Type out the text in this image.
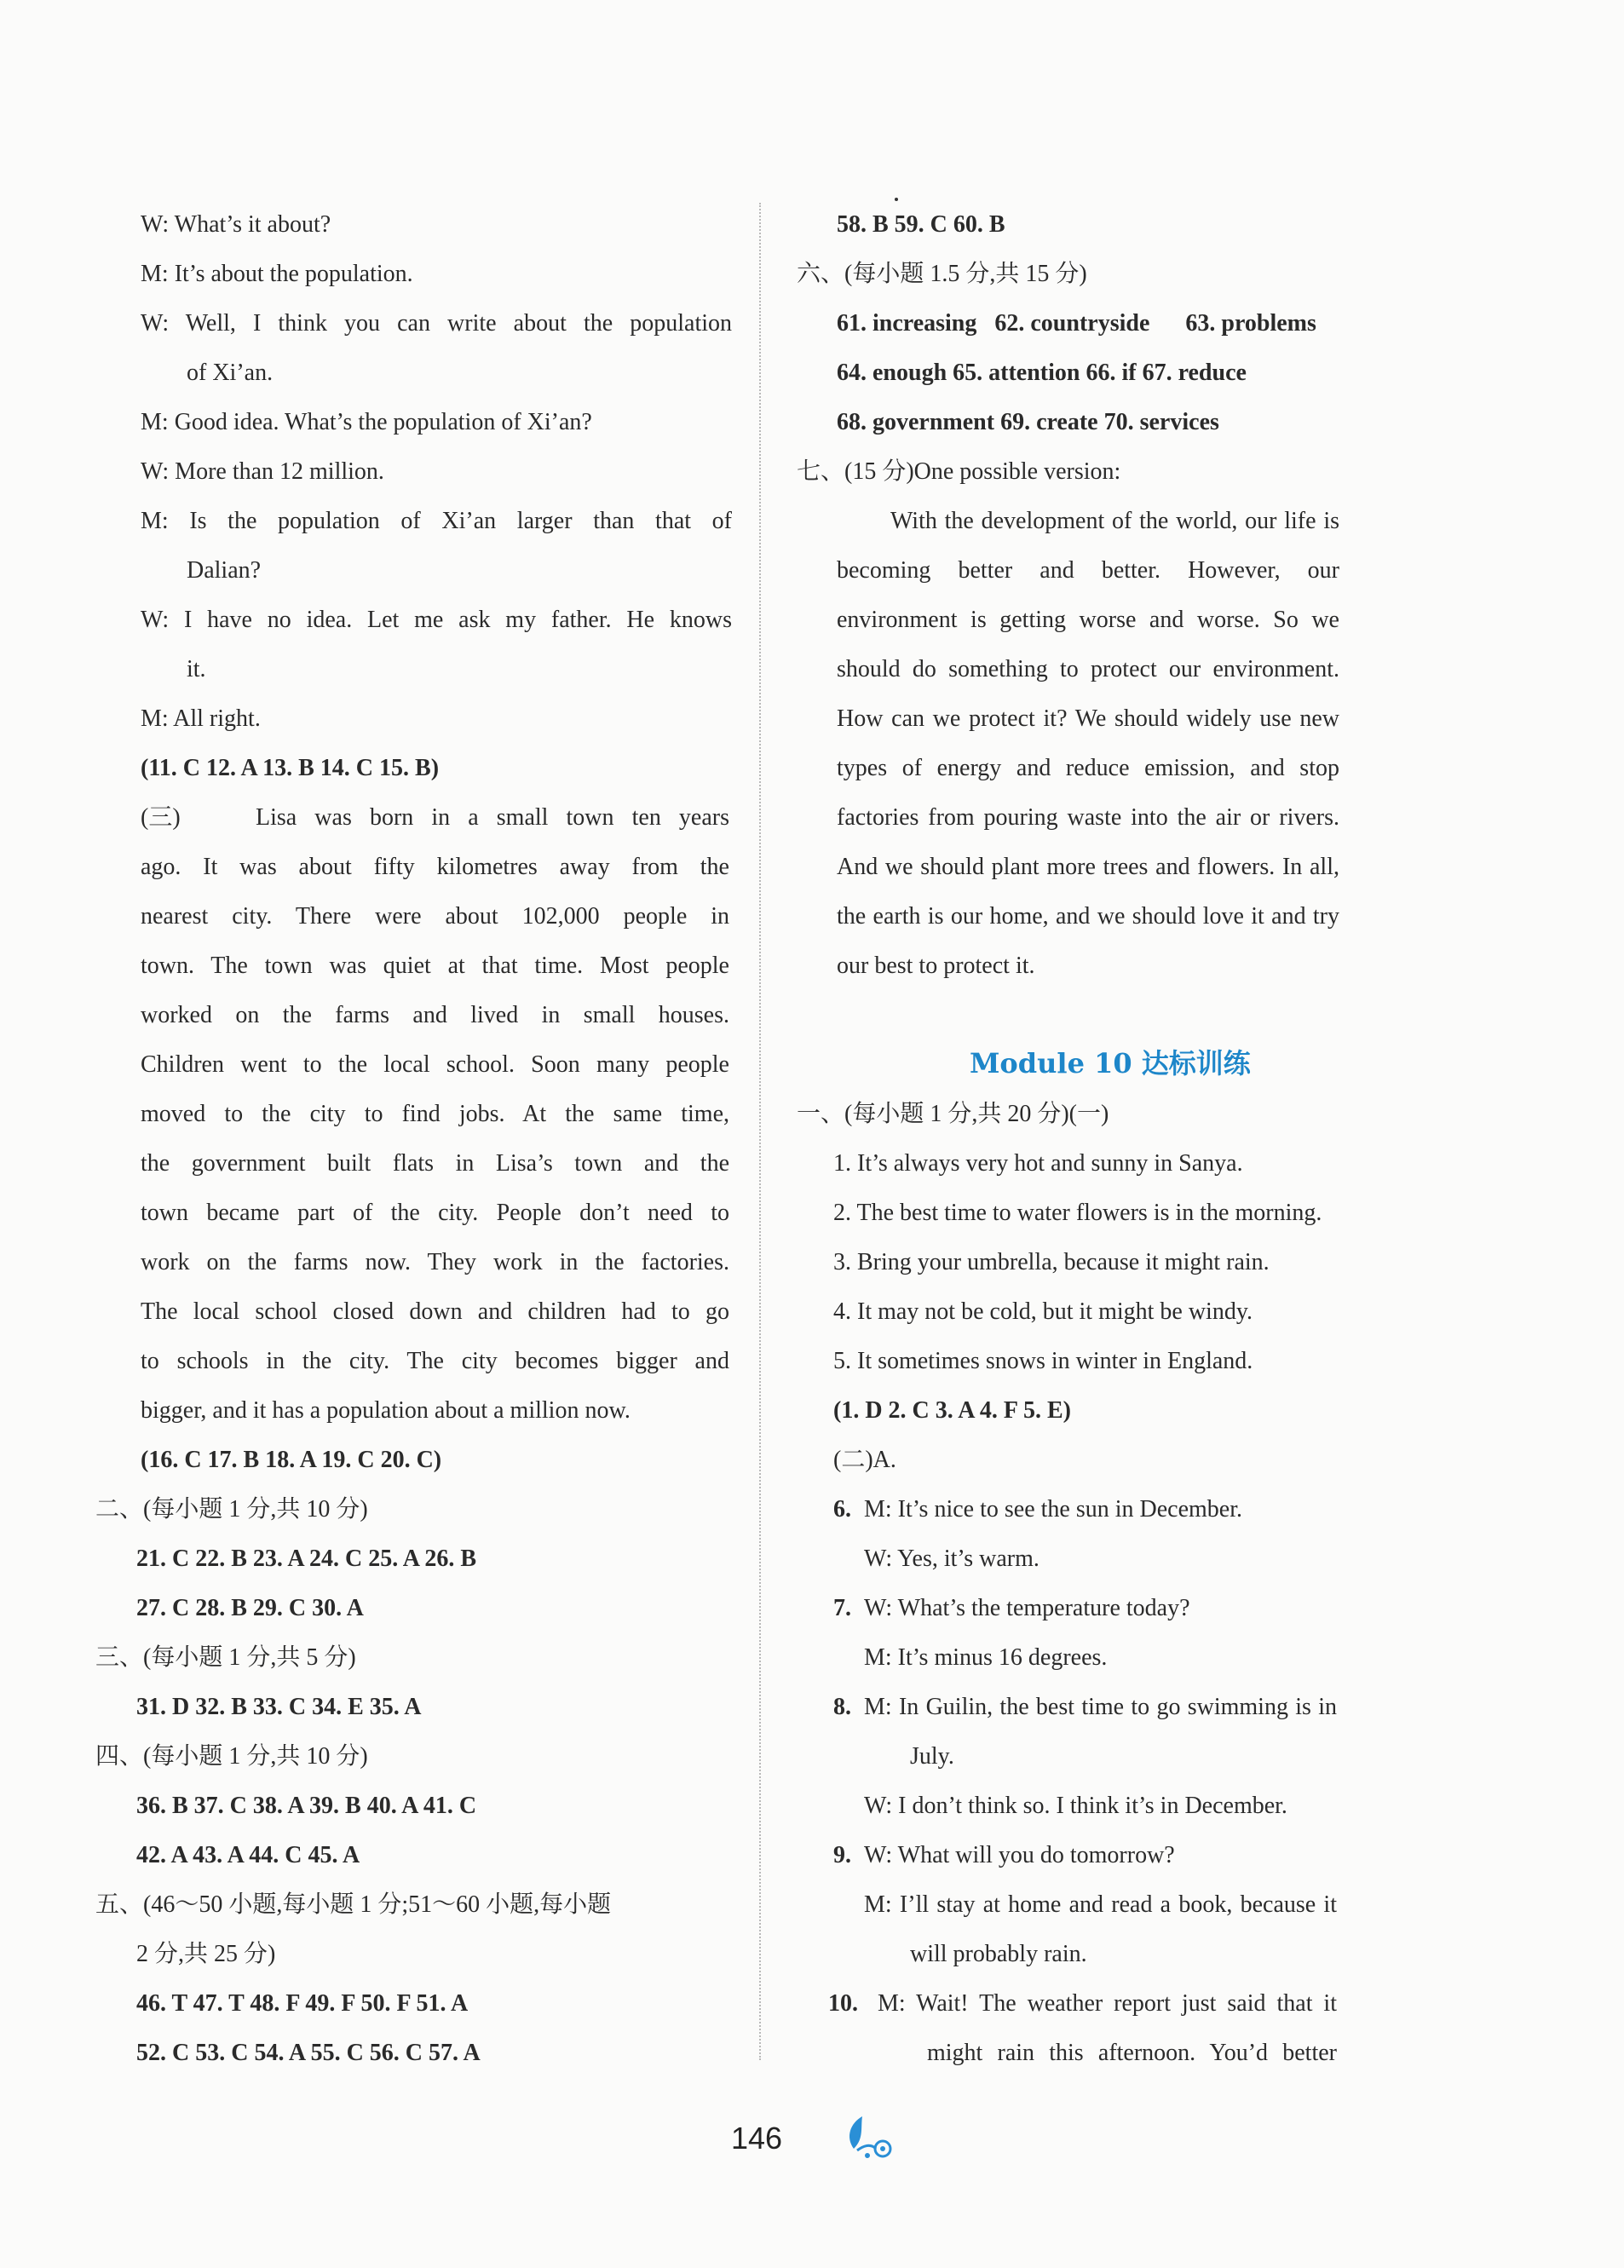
W: What’s it about?
M: It’s about the population.
W: Well, I think you can write about the population
of Xi’an.
M: Good idea. What’s the population of Xi’an?
W: More than 12 million.
M: Is the population of Xi’an larger than that of
Dalian?
W: I have no idea. Let me ask my father. He knows
it.
M: All right.
(11. C 12. A 13. B 14. C 15. B)
(三)	Lisa was born in a small town ten years
ago. It was about fifty kilometres away from the
nearest city. There were about 102,000 people in
town. The town was quiet at that time. Most people
worked on the farms and lived in small houses.
Children went to the local school. Soon many people
moved to the city to find jobs. At the same time,
the government built flats in Lisa’s town and the
town became part of the city. People don’t need to
work on the farms now. They work in the factories.
The local school closed down and children had to go
to schools in the city. The city becomes bigger and
bigger, and it has a population about a million now.
(16. C 17. B 18. A 19. C 20. C)
二、(每小题 1 分,共 10 分)
21. C 22. B 23. A 24. C 25. A 26. B
27. C 28. B 29. C 30. A
三、(每小题 1 分,共 5 分)
31. D 32. B 33. C 34. E 35. A
四、(每小题 1 分,共 10 分)
36. B 37. C 38. A 39. B 40. A 41. C
42. A 43. A 44. C 45. A
五、(46～50 小题,每小题 1 分;51～60 小题,每小题
2 分,共 25 分)
46. T 47. T 48. F 49. F 50. F 51. A
52. C 53. C 54. A 55. C 56. C 57. A
58. B 59. C 60. B
六、(每小题 1.5 分,共 15 分)
61. increasing   62. countryside      63. problems
64. enough 65. attention 66. if 67. reduce
68. government 69. create 70. services
七、(15 分)One possible version:
With the development of the world, our life is
becoming better and better. However, our
environment is getting worse and worse. So we
should do something to protect our environment.
How can we protect it? We should widely use new
types of energy and reduce emission, and stop
factories from pouring waste into the air or rivers.
And we should plant more trees and flowers. In all,
the earth is our home, and we should love it and try
our best to protect it.
Module 10 达标训练
一、(每小题 1 分,共 20 分)(一)
1. It’s always very hot and sunny in Sanya.
2. The best time to water flowers is in the morning.
3. Bring your umbrella, because it might rain.
4. It may not be cold, but it might be windy.
5. It sometimes snows in winter in England.
(1. D 2. C 3. A 4. F 5. E)
(二)A.
6. M: It’s nice to see the sun in December.
W: Yes, it’s warm.
7. W: What’s the temperature today?
M: It’s minus 16 degrees.
8. M: In Guilin, the best time to go swimming is in
July.
W: I don’t think so. I think it’s in December.
9. W: What will you do tomorrow?
M: I’ll stay at home and read a book, because it
will probably rain.
10. M: Wait! The weather report just said that it
might rain this afternoon. You’d better
146
